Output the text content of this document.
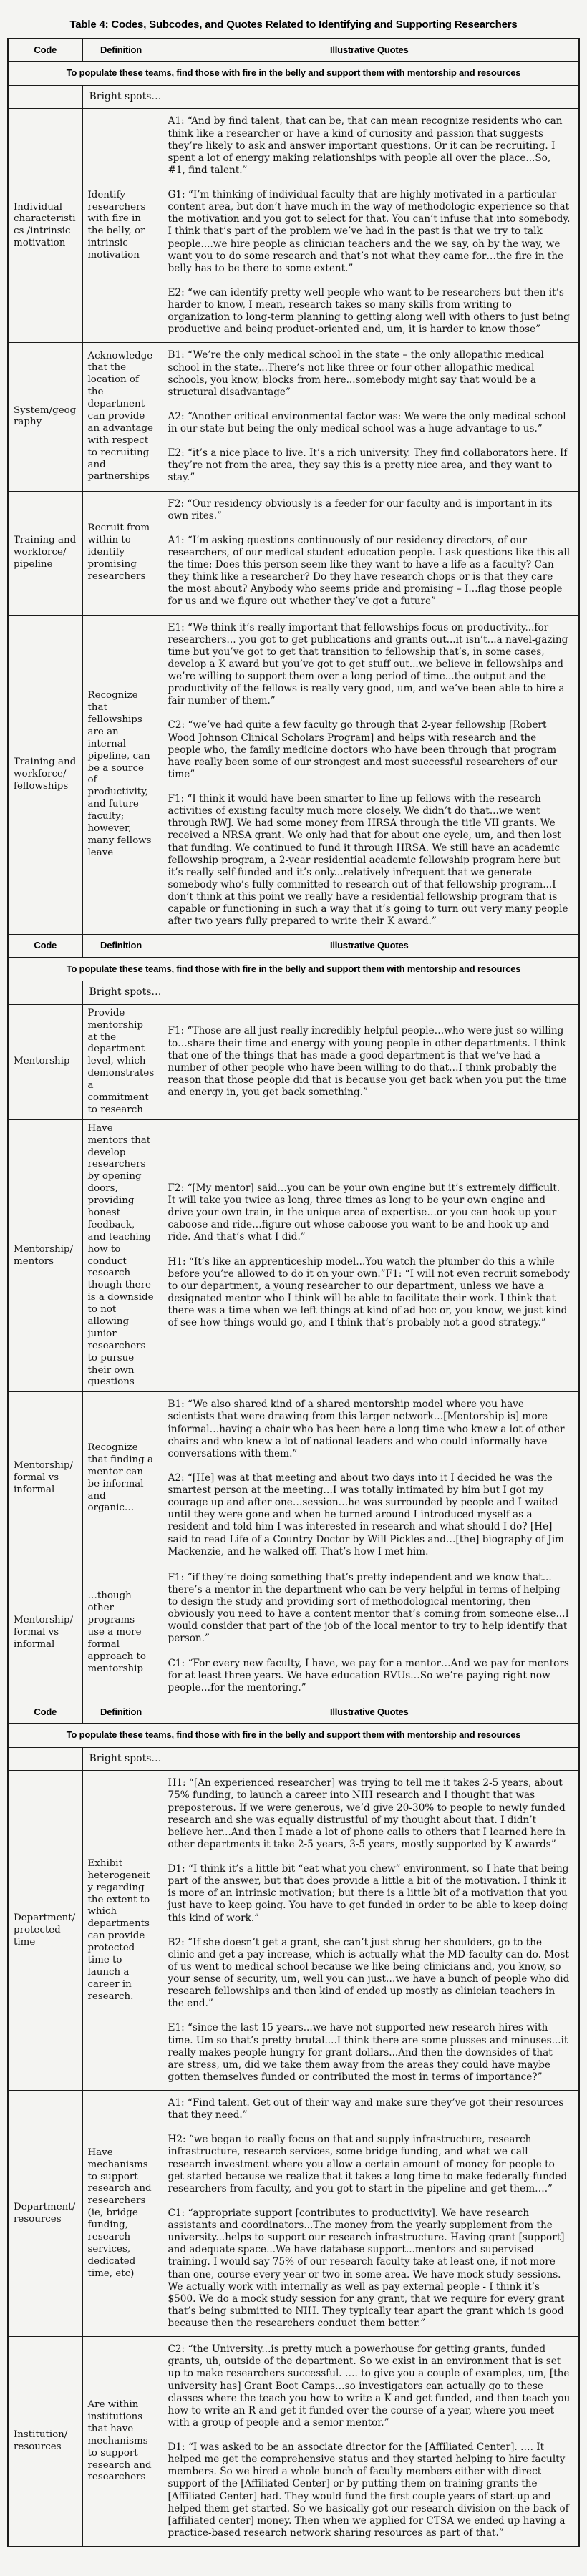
Table 4: Codes, Subcodes, and Quotes Related to Identifying and Supporting Researchers
Code	Definition	Illustrative Quotes
To populate these teams, find those with fire in the belly and support them with mentorship and resources		
	Bright spots…	
Individual characteristics /intrinsic motivation	Identify researchers with fire in the belly, or intrinsic motivation	A1: “And by find talent, that can be, that can mean recognize residents who can think like a researcher or have a kind of curiosity and passion that suggests they’re likely to ask and answer important questions. Or it can be recruiting. I spent a lot of energy making relationships with people all over the place...So, #1, find talent.”

G1: “I’m thinking of individual faculty that are highly motivated in a particular content area, but don’t have much in the way of methodologic experience so that the motivation and you got to select for that. You can’t infuse that into somebody. I think that’s part of the problem we’ve had in the past is that we try to talk people....we hire people as clinician teachers and the we say, oh by the way, we want you to do some research and that’s not what they came for…the fire in the belly has to be there to some extent.”

E2: “we can identify pretty well people who want to be researchers but then it’s harder to know, I mean, research takes so many skills from writing to organization to long-term planning to getting along well with others to just being productive and being product-oriented and, um, it is harder to know those”

System/geography	Acknowledge that the location of the department can provide an advantage with respect to recruiting and partnerships	B1: “We’re the only medical school in the state – the only allopathic medical school in the state...There’s not like three or four other allopathic medical schools, you know, blocks from here...somebody might say that would be a structural disadvantage”

A2: “Another critical environmental factor was: We were the only medical school in our state but being the only medical school was a huge advantage to us.”

E2: “it’s a nice place to live. It’s a rich university. They find collaborators here. If they’re not from the area, they say this is a pretty nice area, and they want to stay.”

Training and workforce/ pipeline	Recruit from within to identify promising researchers	F2: “Our residency obviously is a feeder for our faculty and is important in its own rites.”

A1: “I’m asking questions continuously of our residency directors, of our researchers, of our medical student education people. I ask questions like this all the time: Does this person seem like they want to have a life as a faculty? Can they think like a researcher? Do they have research chops or is that they care the most about? Anybody who seems pride and promising – I...flag those people for us and we figure out whether they’ve got a future”

Training and workforce/ fellowships	Recognize that fellowships are an internal pipeline, can be a source of productivity, and future faculty; however, many fellows leave	E1: “We think it’s really important that fellowships focus on productivity...for researchers... you got to get publications and grants out...it isn’t...a navel-gazing time but you’ve got to get that transition to fellowship that’s, in some cases, develop a K award but you’ve got to get stuff out...we believe in fellowships and we’re willing to support them over a long period of time...the output and the productivity of the fellows is really very good, um, and we’ve been able to hire a fair number of them.”

C2: “we’ve had quite a few faculty go through that 2-year fellowship [Robert Wood Johnson Clinical Scholars Program] and helps with research and the people who, the family medicine doctors who have been through that program have really been some of our strongest and most successful researchers of our time”

F1: “I think it would have been smarter to line up fellows with the research activities of existing faculty much more closely. We didn’t do that...we went through RWJ. We had some money from HRSA through the title VII grants. We received a NRSA grant. We only had that for about one cycle, um, and then lost that funding. We continued to fund it through HRSA. We still have an academic fellowship program, a 2-year residential academic fellowship program here but it’s really self-funded and it’s only...relatively infrequent that we generate somebody who’s fully committed to research out of that fellowship program...I don’t think at this point we really have a residential fellowship program that is capable or functioning in such a way that it’s going to turn out very many people after two years fully prepared to write their K award.”

Code	Definition	Illustrative Quotes
To populate these teams, find those with fire in the belly and support them with mentorship and resources		
	Bright spots…	
Mentorship	Provide mentorship at the department level, which demonstrates a commitment to research	F1: “Those are all just really incredibly helpful people…who were just so willing to…share their time and energy with young people in other departments. I think that one of the things that has made a good department is that we’ve had a number of other people who have been willing to do that…I think probably the reason that those people did that is because you get back when you put the time and energy in, you get back something.”

Mentorship/ mentors	Have mentors that develop researchers by opening doors, providing honest feedback, and teaching how to conduct research though there is a downside to not allowing junior researchers to pursue their own questions	

F2: “[My mentor] said…you can be your own engine but it’s extremely difficult. It will take you twice as long, three times as long to be your own engine and drive your own train, in the unique area of expertise…or you can hook up your caboose and ride…figure out whose caboose you want to be and hook up and ride. And that’s what I did.”

H1: “It’s like an apprenticeship model...You watch the plumber do this a while before you’re allowed to do it on your own.”F1: “I will not even recruit somebody to our department, a young researcher to our department, unless we have a designated mentor who I think will be able to facilitate their work. I think that there was a time when we left things at kind of ad hoc or, you know, we just kind of see how things would go, and I think that’s probably not a good strategy.”

Mentorship/ formal vs informal	Recognize that finding a mentor can be informal and organic…	B1: “We also shared kind of a shared mentorship model where you have scientists that were drawing from this larger network…[Mentorship is] more informal…having a chair who has been here a long time who knew a lot of other chairs and who knew a lot of national leaders and who could informally have conversations with them.”

A2: “[He] was at that meeting and about two days into it I decided he was the smartest person at the meeting…I was totally intimated by him but I got my courage up and after one…session…he was surrounded by people and I waited until they were gone and when he turned around I introduced myself as a resident and told him I was interested in research and what should I do? [He] said to read Life of a Country Doctor by Will Pickles and…[the] biography of Jim Mackenzie, and he walked off. That’s how I met him.

Mentorship/ formal vs informal	…though other programs use a more formal approach to mentorship	F1: “if they’re doing something that’s pretty independent and we know that... there’s a mentor in the department who can be very helpful in terms of helping to design the study and providing sort of methodological mentoring, then obviously you need to have a content mentor that’s coming from someone else...I would consider that part of the job of the local mentor to try to help identify that person.”

C1: “For every new faculty, I have, we pay for a mentor…And we pay for mentors for at least three years. We have education RVUs…So we’re paying right now people…for the mentoring.”

Code	Definition	Illustrative Quotes
To populate these teams, find those with fire in the belly and support them with mentorship and resources		
	Bright spots…	
Department/ protected time	Exhibit heterogeneity regarding the extent to which departments can provide protected time to launch a career in research.	H1: “[An experienced researcher] was trying to tell me it takes 2-5 years, about 75% funding, to launch a career into NIH research and I thought that was preposterous. If we were generous, we’d give 20-30% to people to newly funded research and she was equally distrustful of my thought about that. I didn’t believe her...And then I made a lot of phone calls to others that I learned here in other departments it take 2-5 years, 3-5 years, mostly supported by K awards”

D1: “I think it’s a little bit “eat what you chew” environment, so I hate that being part of the answer, but that does provide a little a bit of the motivation. I think it is more of an intrinsic motivation; but there is a little bit of a motivation that you just have to keep going. You have to get funded in order to be able to keep doing this kind of work.”

B2: “If she doesn’t get a grant, she can’t just shrug her shoulders, go to the clinic and get a pay increase, which is actually what the MD-faculty can do. Most of us went to medical school because we like being clinicians and, you know, so your sense of security, um, well you can just…we have a bunch of people who did research fellowships and then kind of ended up mostly as clinician teachers in the end.”

E1: “since the last 15 years...we have not supported new research hires with time. Um so that’s pretty brutal....I think there are some plusses and minuses...it really makes people hungry for grant dollars...And then the downsides of that are stress, um, did we take them away from the areas they could have maybe gotten themselves funded or contributed the most in terms of importance?”

Department/ resources	Have mechanisms to support research and researchers (ie, bridge funding, research services, dedicated time, etc)	A1: “Find talent. Get out of their way and make sure they’ve got their resources that they need.”

H2: “we began to really focus on that and supply infrastructure, research infrastructure, research services, some bridge funding, and what we call research investment where you allow a certain amount of money for people to get started because we realize that it takes a long time to make federally-funded researchers from faculty, and you got to start in the pipeline and get them….”

C1: “appropriate support [contributes to productivity]. We have research assistants and coordinators...The money from the yearly supplement from the university...helps to support our research infrastructure. Having grant [support] and adequate space...We have database support...mentors and supervised training. I would say 75% of our research faculty take at least one, if not more than one, course every year or two in some area. We have mock study sessions. We actually work with internally as well as pay external people - I think it’s $500. We do a mock study session for any grant, that we require for every grant that’s being submitted to NIH. They typically tear apart the grant which is good because then the researchers conduct them better.”

Institution/ resources	Are within institutions that have mechanisms to support research and researchers	C2: “the University...is pretty much a powerhouse for getting grants, funded grants, uh, outside of the department. So we exist in an environment that is set up to make researchers successful. …. to give you a couple of examples, um, [the university has] Grant Boot Camps…so investigators can actually go to these classes where the teach you how to write a K and get funded, and then teach you how to write an R and get it funded over the course of a year, where you meet with a group of people and a senior mentor.”

D1: “I was asked to be an associate director for the [Affiliated Center]. …. It helped me get the comprehensive status and they started helping to hire faculty members. So we hired a whole bunch of faculty members either with direct support of the [Affiliated Center] or by putting them on training grants the [Affiliated Center] had. They would fund the first couple years of start-up and helped them get started. So we basically got our research division on the back of [affiliated center] money. Then when we applied for CTSA we ended up having a practice-based research network sharing resources as part of that.”
